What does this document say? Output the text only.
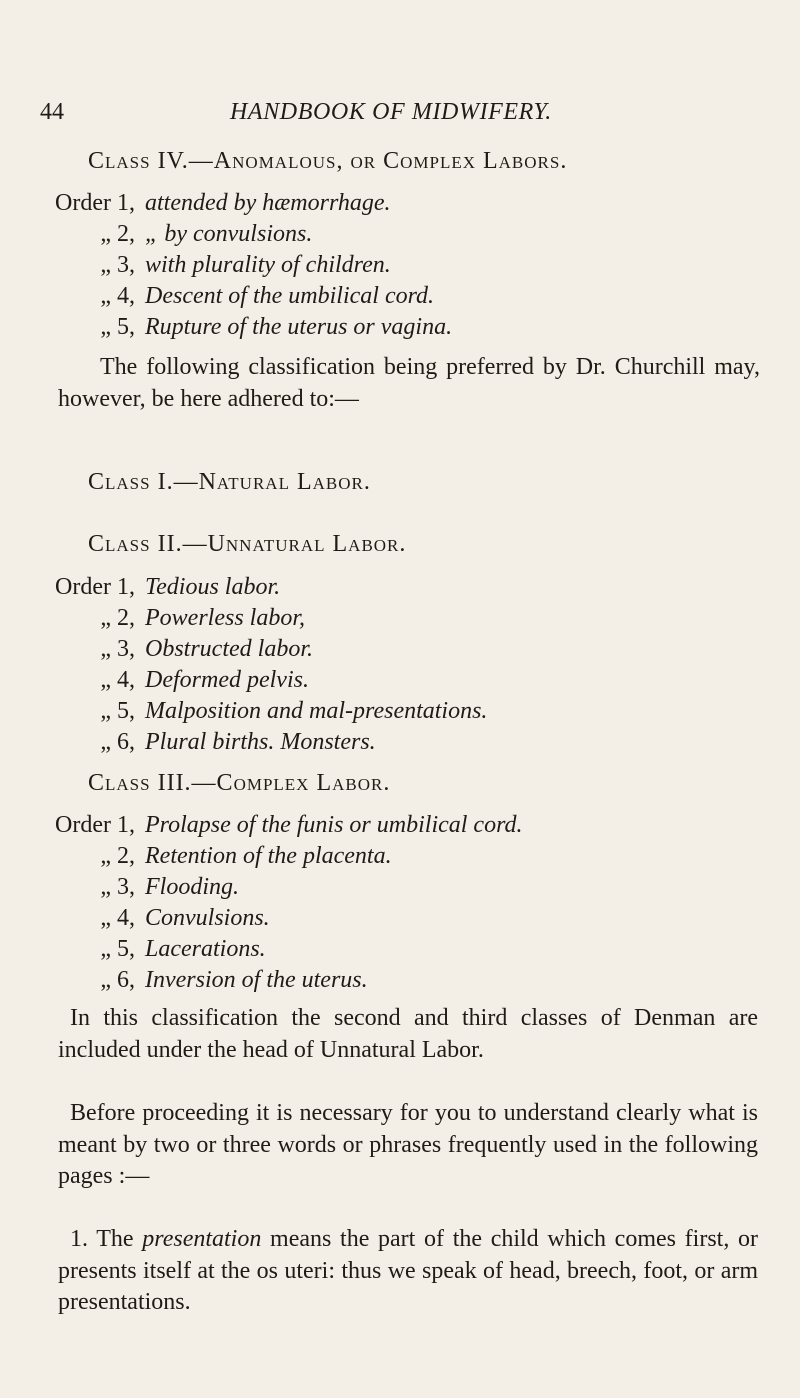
44	HANDBOOK OF MIDWIFERY.
Class IV.—Anomalous, or Complex Labors.
Order 1, attended by hæmorrhage.
„ 2, „ by convulsions.
„ 3, with plurality of children.
„ 4, Descent of the umbilical cord.
„ 5, Rupture of the uterus or vagina.
The following classification being preferred by Dr. Churchill may, however, be here adhered to:—
Class I.—Natural Labor.
Class II.—Unnatural Labor.
Order 1, Tedious labor.
„ 2, Powerless labor,
„ 3, Obstructed labor.
„ 4, Deformed pelvis.
„ 5, Malposition and mal-presentations.
„ 6, Plural births. Monsters.
Class III.—Complex Labor.
Order 1, Prolapse of the funis or umbilical cord.
„ 2, Retention of the placenta.
„ 3, Flooding.
„ 4, Convulsions.
„ 5, Lacerations.
„ 6, Inversion of the uterus.
In this classification the second and third classes of Denman are included under the head of Unnatural Labor.
Before proceeding it is necessary for you to understand clearly what is meant by two or three words or phrases frequently used in the following pages :—
1. The presentation means the part of the child which comes first, or presents itself at the os uteri: thus we speak of head, breech, foot, or arm presentations.
